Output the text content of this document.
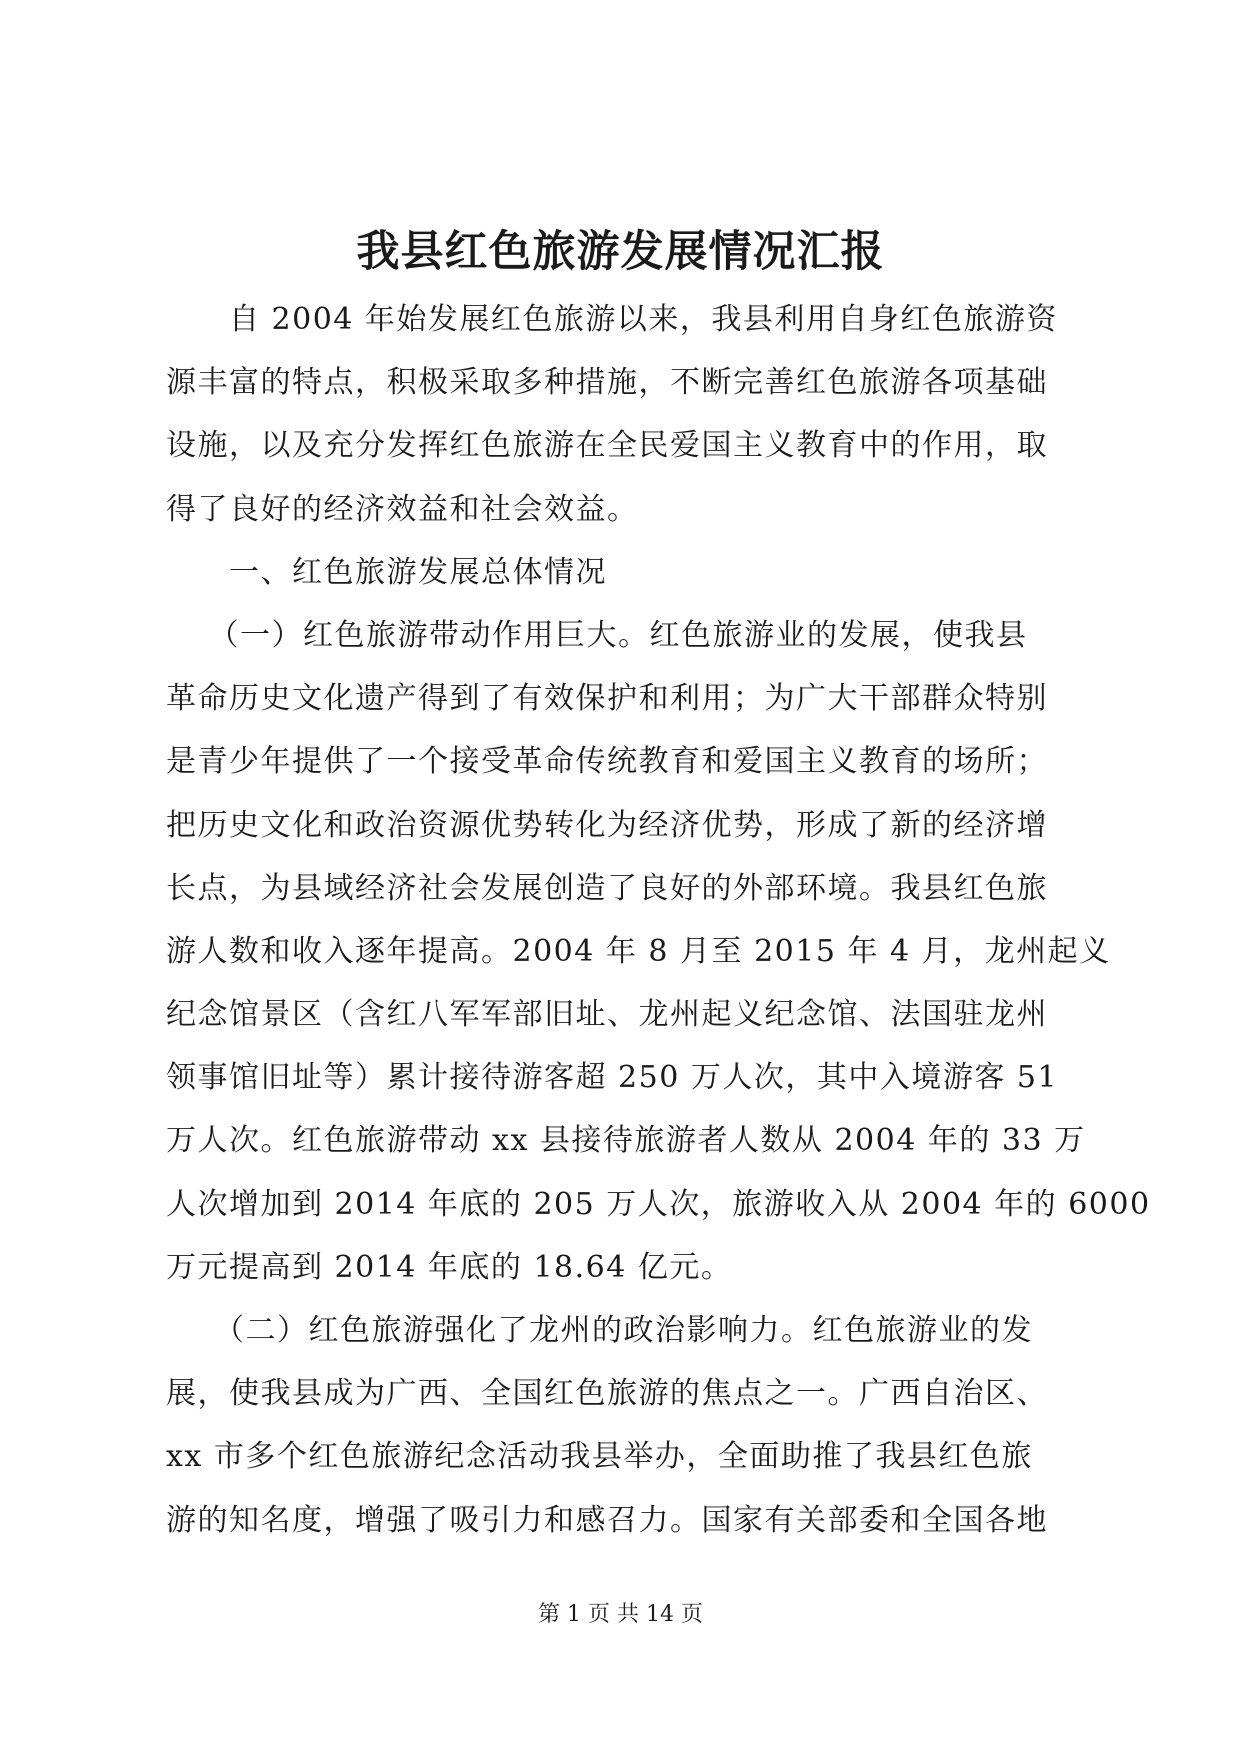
我县红色旅游发展情况汇报
　　自 2004 年始发展红色旅游以来，我县利用自身红色旅游资
源丰富的特点，积极采取多种措施，不断完善红色旅游各项基础
设施，以及充分发挥红色旅游在全民爱国主义教育中的作用，取
得了良好的经济效益和社会效益。
　　一、红色旅游发展总体情况
　 （一）红色旅游带动作用巨大。红色旅游业的发展，使我县
革命历史文化遗产得到了有效保护和利用；为广大干部群众特别
是青少年提供了一个接受革命传统教育和爱国主义教育的场所；
把历史文化和政治资源优势转化为经济优势，形成了新的经济增
长点，为县域经济社会发展创造了良好的外部环境。我县红色旅
游人数和收入逐年提高。2004 年 8 月至 2015 年 4 月，龙州起义
纪念馆景区（含红八军军部旧址、龙州起义纪念馆、法国驻龙州
领事馆旧址等）累计接待游客超 250 万人次，其中入境游客 51
万人次。红色旅游带动 xx 县接待旅游者人数从 2004 年的 33 万
人次增加到 2014 年底的 205 万人次，旅游收入从 2004 年的 6000
万元提高到 2014 年底的 18.64 亿元。
　　（二）红色旅游强化了龙州的政治影响力。红色旅游业的发
展，使我县成为广西、全国红色旅游的焦点之一。广西自治区、
xx 市多个红色旅游纪念活动我县举办，全面助推了我县红色旅
游的知名度，增强了吸引力和感召力。国家有关部委和全国各地
第 1 页 共 14 页
